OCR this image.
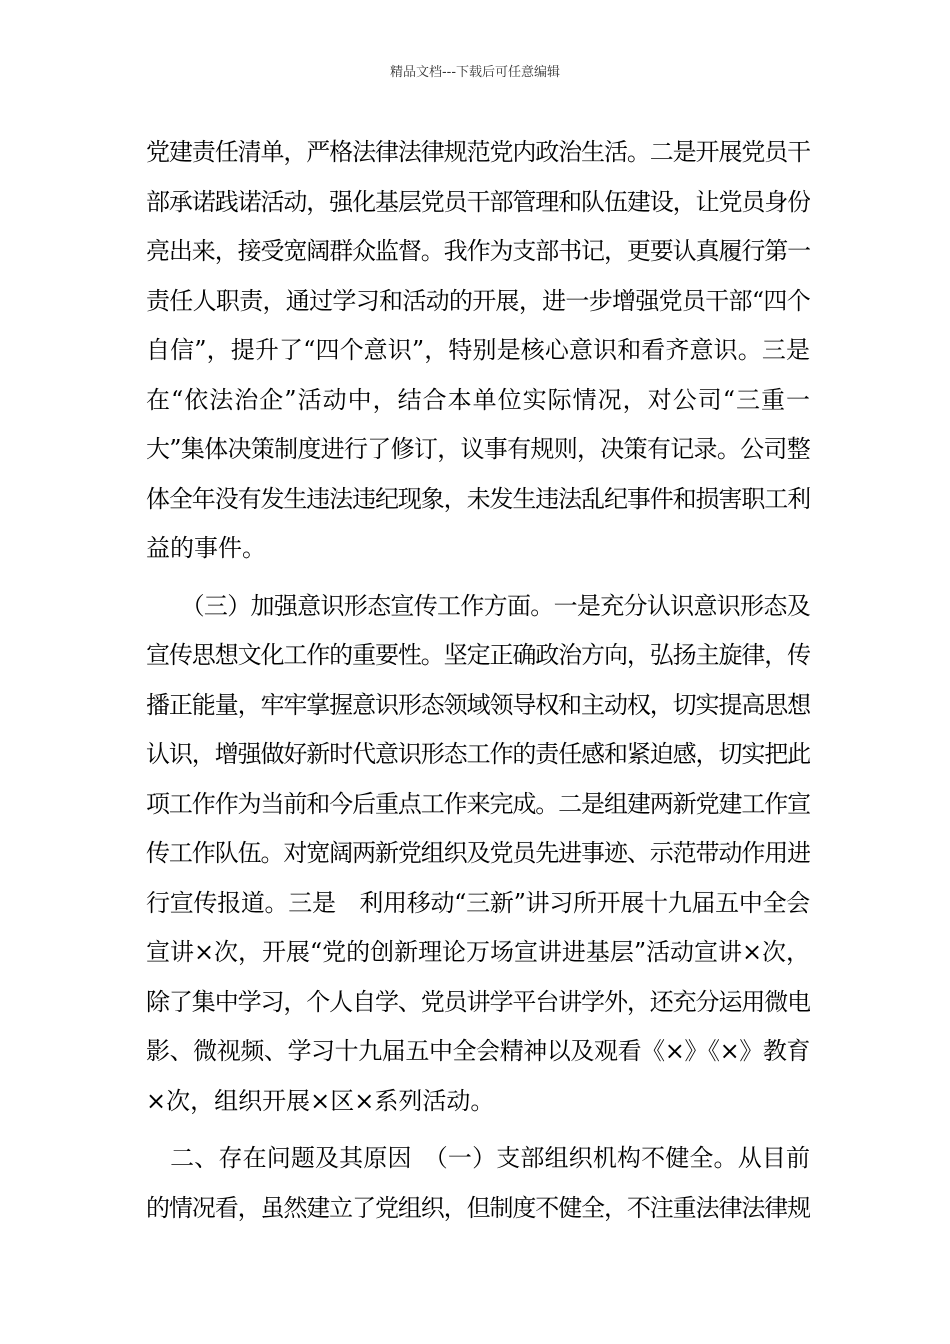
精品文档---下载后可任意编辑
党建责任清单，严格法律法律规范党内政治生活。二是开展党员干
部承诺践诺活动，强化基层党员干部管理和队伍建设，让党员身份
亮出来，接受宽阔群众监督。我作为支部书记，更要认真履行第一
责任人职责，通过学习和活动的开展，进一步增强党员干部“四个
自信”，提升了“四个意识”，特别是核心意识和看齐意识。三是
在“依法治企”活动中，结合本单位实际情况，对公司“三重一
大”集体决策制度进行了修订，议事有规则，决策有记录。公司整
体全年没有发生违法违纪现象，未发生违法乱纪事件和损害职工利
益的事件。
　　（三）加强意识形态宣传工作方面。一是充分认识意识形态及
宣传思想文化工作的重要性。坚定正确政治方向，弘扬主旋律，传
播正能量，牢牢掌握意识形态领域领导权和主动权，切实提高思想
认识，增强做好新时代意识形态工作的责任感和紧迫感，切实把此
项工作作为当前和今后重点工作来完成。二是组建两新党建工作宣
传工作队伍。对宽阔两新党组织及党员先进事迹、示范带动作用进
行宣传报道。三是　利用移动“三新”讲习所开展十九届五中全会
宣讲×次，开展“党的创新理论万场宣讲进基层”活动宣讲×次，
除了集中学习，个人自学、党员讲学平台讲学外，还充分运用微电
影、微视频、学习十九届五中全会精神以及观看《×》《×》教育
×次，组织开展×区×系列活动。
　二、存在问题及其原因　（一）支部组织机构不健全。从目前
的情况看，虽然建立了党组织，但制度不健全，不注重法律法律规
